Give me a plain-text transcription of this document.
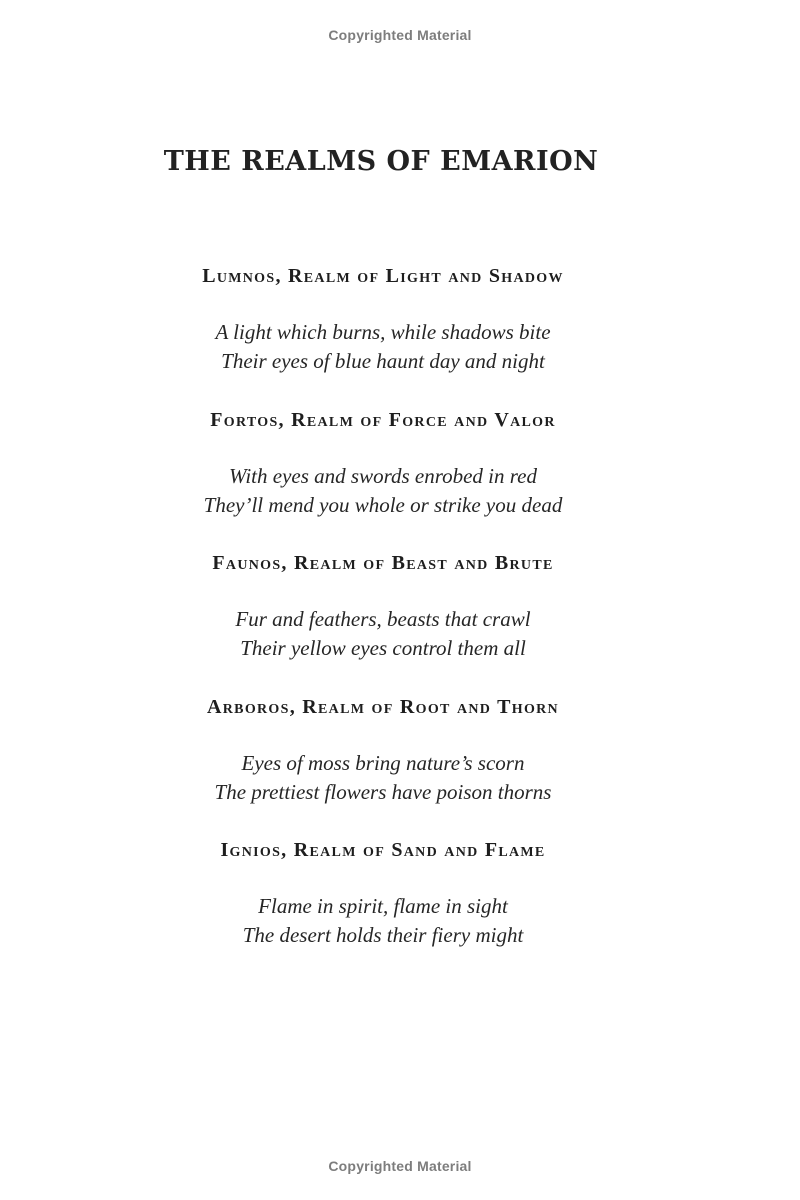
Copyrighted Material
THE REALMS OF EMARION
Lumnos, Realm of Light and Shadow
A light which burns, while shadows bite
Their eyes of blue haunt day and night
Fortos, Realm of Force and Valor
With eyes and swords enrobed in red
They’ll mend you whole or strike you dead
Faunos, Realm of Beast and Brute
Fur and feathers, beasts that crawl
Their yellow eyes control them all
Arboros, Realm of Root and Thorn
Eyes of moss bring nature’s scorn
The prettiest flowers have poison thorns
Ignios, Realm of Sand and Flame
Flame in spirit, flame in sight
The desert holds their fiery might
Copyrighted Material
